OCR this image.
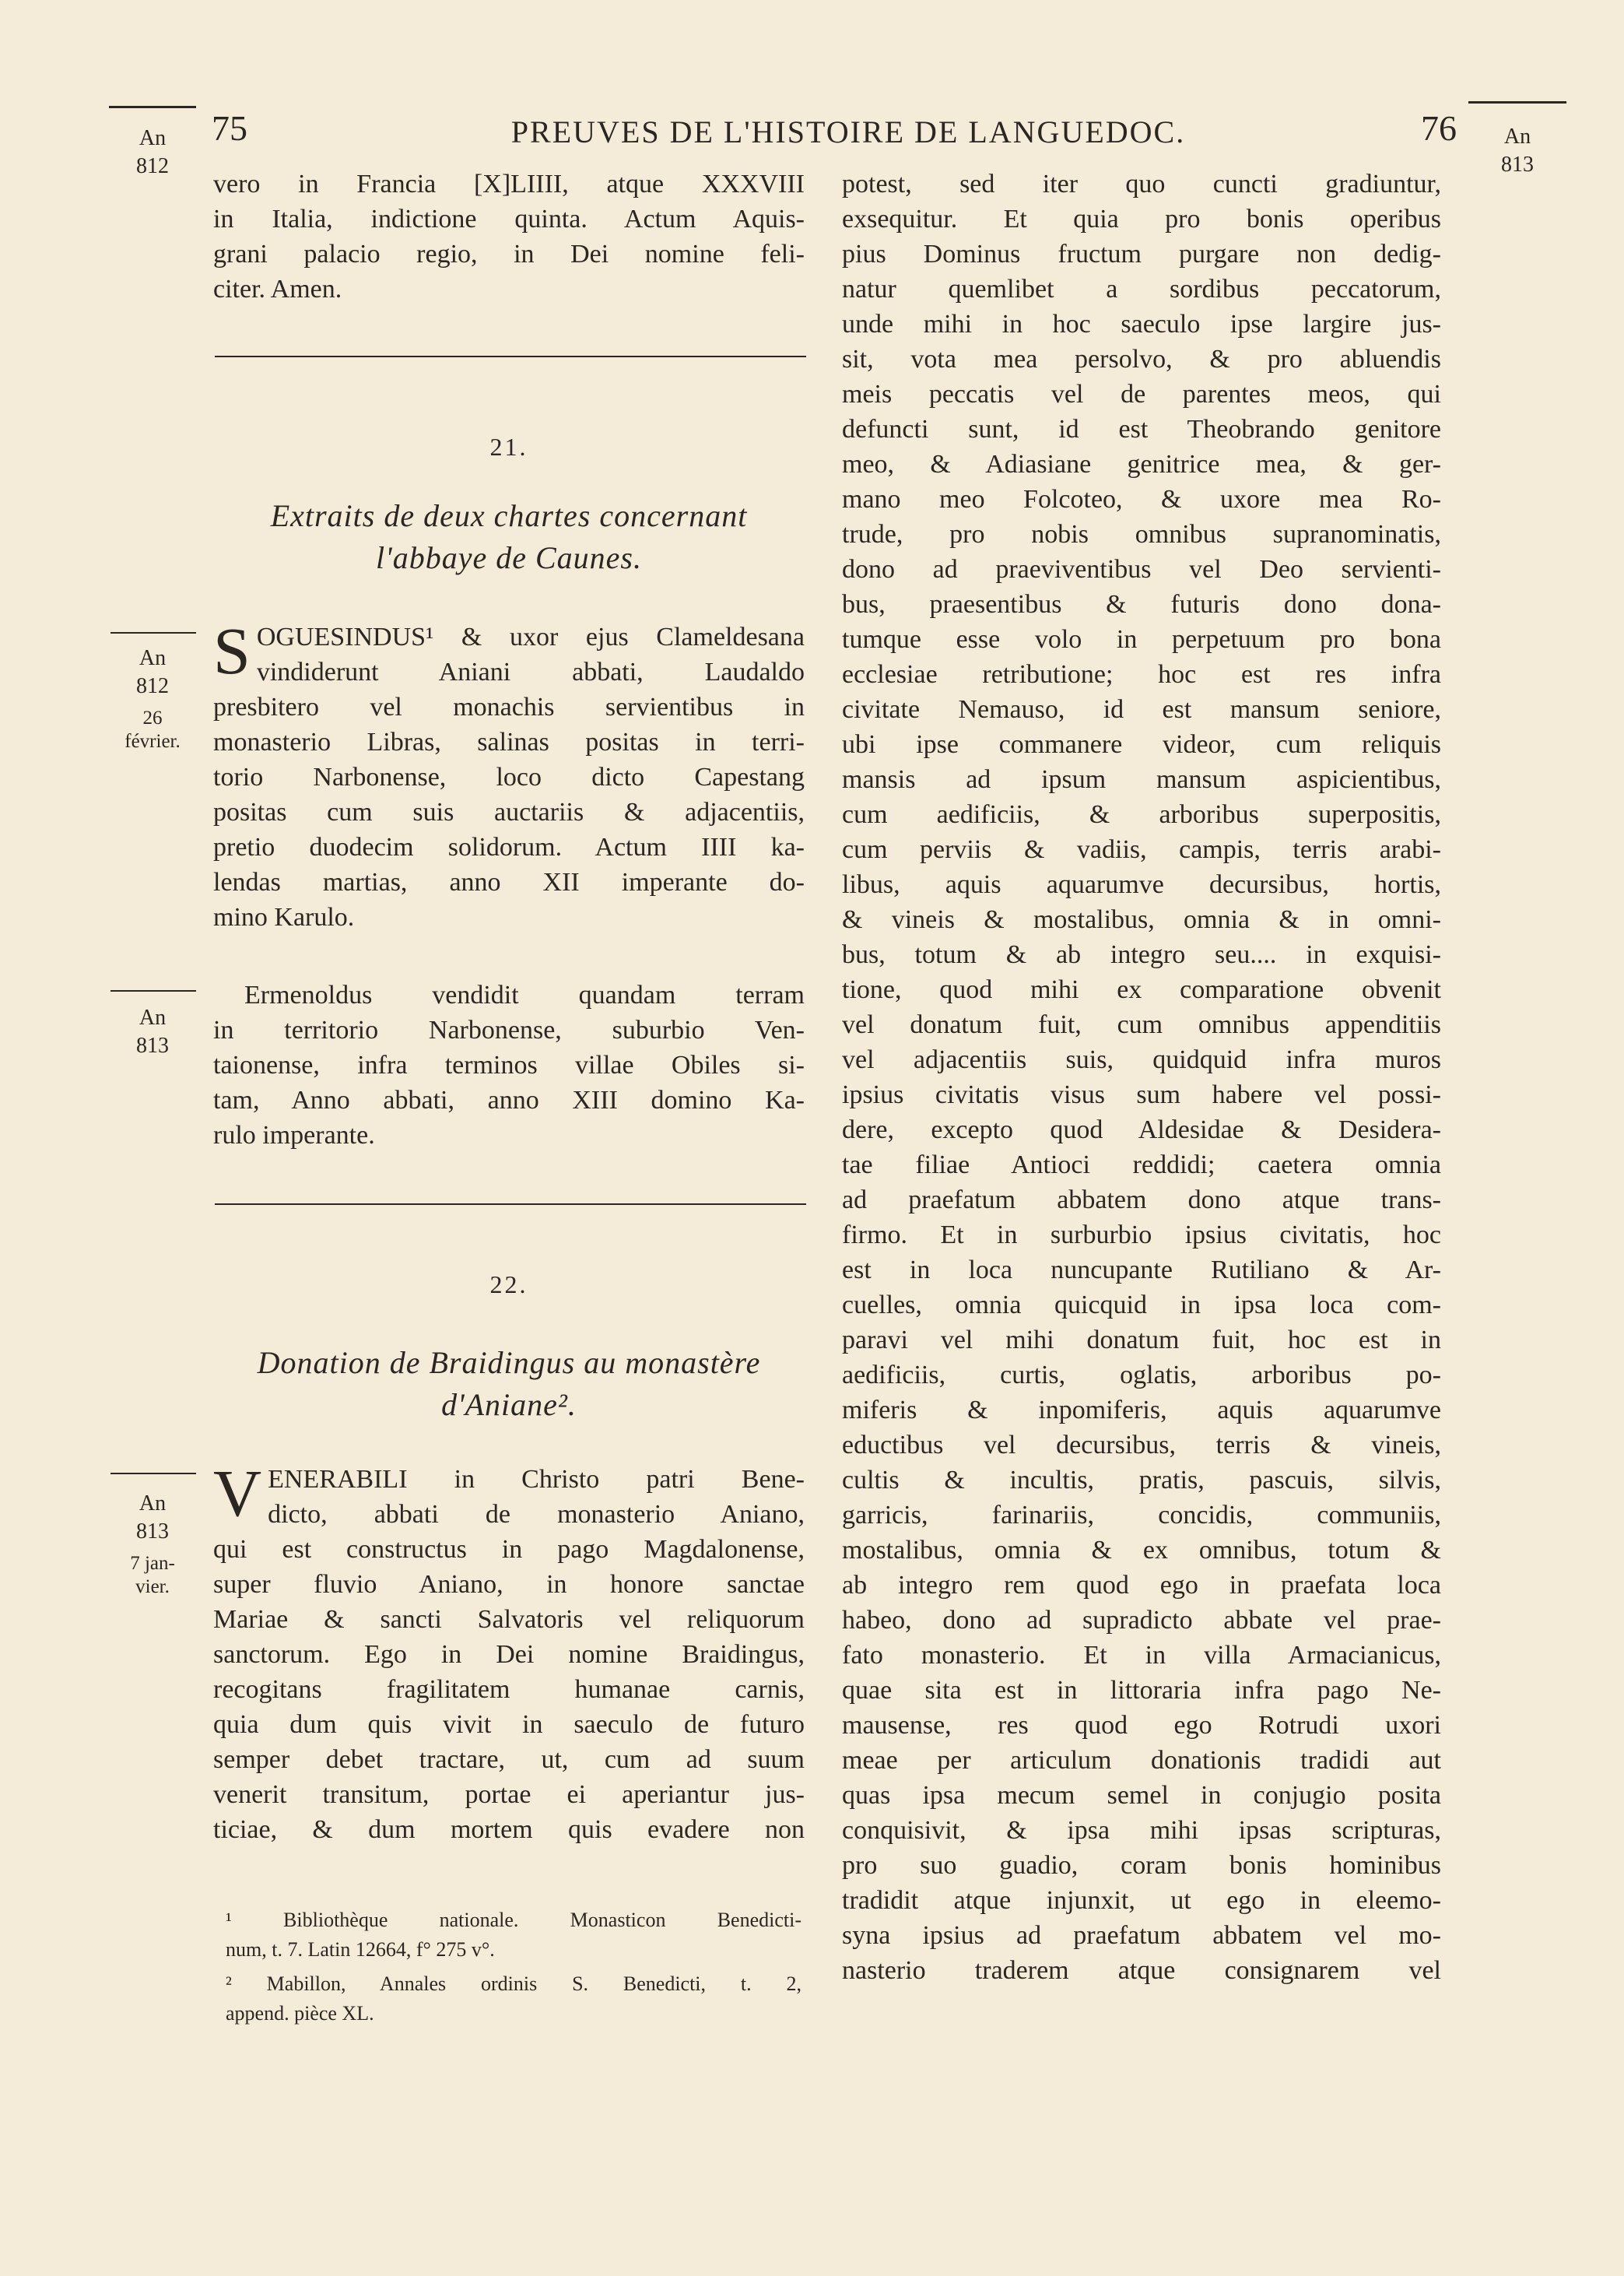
75	PREUVES DE L'HISTOIRE DE LANGUEDOC.	76
An
812
An
813
An
812
26
février.
An
813
An
813
7 jan-
vier.
vero in Francia [X]LIIII, atque XXXVIII
in Italia, indictione quinta. Actum Aquis-
grani palacio regio, in Dei nomine feli-
citer. Amen.
21.
Extraits de deux chartes concernant
l'abbaye de Caunes.
S OGUESINDUS¹ & uxor ejus Clameldesana
vindiderunt Aniani abbati, Laudaldo
presbitero vel monachis servientibus in
monasterio Libras, salinas positas in terri-
torio Narbonense, loco dicto Capestang
positas cum suis auctariis & adjacentiis,
pretio duodecim solidorum. Actum IIII ka-
lendas martias, anno XII imperante do-
mino Karulo.
Ermenoldus vendidit quandam terram
in territorio Narbonense, suburbio Ven-
taionense, infra terminos villae Obiles si-
tam, Anno abbati, anno XIII domino Ka-
rulo imperante.
22.
Donation de Braidingus au monastère
d'Aniane².
V ENERABILI in Christo patri Bene-
dicto, abbati de monasterio Aniano,
qui est constructus in pago Magdalonense,
super fluvio Aniano, in honore sanctae
Mariae & sancti Salvatoris vel reliquorum
sanctorum. Ego in Dei nomine Braidingus,
recogitans fragilitatem humanae carnis,
quia dum quis vivit in saeculo de futuro
semper debet tractare, ut, cum ad suum
venerit transitum, portae ei aperiantur jus-
ticiae, & dum mortem quis evadere non
¹ Bibliothèque nationale. Monasticon Benedicti-
num, t. 7. Latin 12664, f° 275 v°.
² Mabillon, Annales ordinis S. Benedicti, t. 2,
append. pièce XL.
potest, sed iter quo cuncti gradiuntur,
exsequitur. Et quia pro bonis operibus
pius Dominus fructum purgare non dedig-
natur quemlibet a sordibus peccatorum,
unde mihi in hoc saeculo ipse largire jus-
sit, vota mea persolvo, & pro abluendis
meis peccatis vel de parentes meos, qui
defuncti sunt, id est Theobrando genitore
meo, & Adiasiane genitrice mea, & ger-
mano meo Folcoteo, & uxore mea Ro-
trude, pro nobis omnibus supranominatis,
dono ad praeviventibus vel Deo servienti-
bus, praesentibus & futuris dono dona-
tumque esse volo in perpetuum pro bona
ecclesiae retributione; hoc est res infra
civitate Nemauso, id est mansum seniore,
ubi ipse commanere videor, cum reliquis
mansis ad ipsum mansum aspicientibus,
cum aedificiis, & arboribus superpositis,
cum perviis & vadiis, campis, terris arabi-
libus, aquis aquarumve decursibus, hortis,
& vineis & mostalibus, omnia & in omni-
bus, totum & ab integro seu.... in exquisi-
tione, quod mihi ex comparatione obvenit
vel donatum fuit, cum omnibus appenditiis
vel adjacentiis suis, quidquid infra muros
ipsius civitatis visus sum habere vel possi-
dere, excepto quod Aldesidae & Desidera-
tae filiae Antioci reddidi; caetera omnia
ad praefatum abbatem dono atque trans-
firmo. Et in surburbio ipsius civitatis, hoc
est in loca nuncupante Rutiliano & Ar-
cuelles, omnia quicquid in ipsa loca com-
paravi vel mihi donatum fuit, hoc est in
aedificiis, curtis, oglatis, arboribus po-
miferis & inpomiferis, aquis aquarumve
eductibus vel decursibus, terris & vineis,
cultis & incultis, pratis, pascuis, silvis,
garricis, farinariis, concidis, communiis,
mostalibus, omnia & ex omnibus, totum &
ab integro rem quod ego in praefata loca
habeo, dono ad supradicto abbate vel prae-
fato monasterio. Et in villa Armacianicus,
quae sita est in littoraria infra pago Ne-
mausense, res quod ego Rotrudi uxori
meae per articulum donationis tradidi aut
quas ipsa mecum semel in conjugio posita
conquisivit, & ipsa mihi ipsas scripturas,
pro suo guadio, coram bonis hominibus
tradidit atque injunxit, ut ego in eleemo-
syna ipsius ad praefatum abbatem vel mo-
nasterio traderem atque consignarem vel
